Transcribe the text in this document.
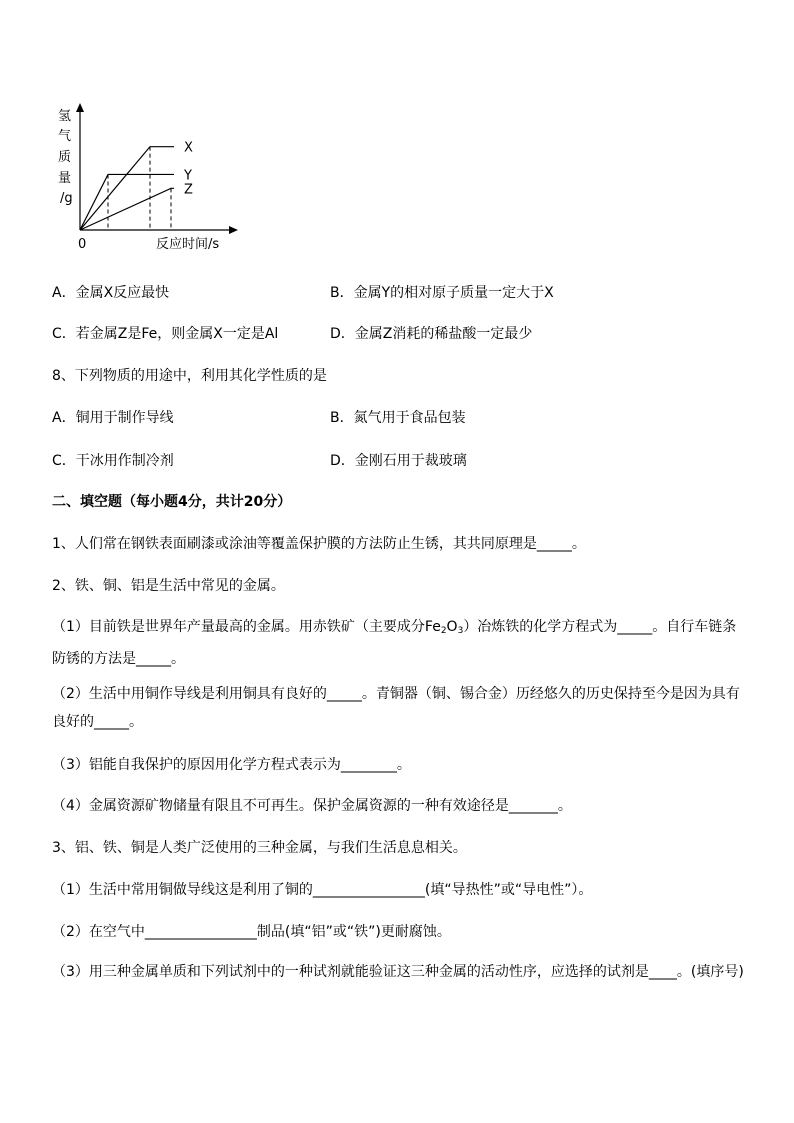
X
Y
Z
氢
气
质
量
/g
0	反应时间/s
A．金属X反应最快	B．金属Y的相对原子质量一定大于X
C．若金属Z是Fe，则金属X一定是Al	D．金属Z消耗的稀盐酸一定最少
8、下列物质的用途中，利用其化学性质的是
A．铜用于制作导线	B．氮气用于食品包装
C．干冰用作制冷剂	D．金刚石用于裁玻璃
二、填空题（每小题4分，共计20分）
1、人们常在钢铁表面刷漆或涂油等覆盖保护膜的方法防止生锈，其共同原理是_____。
2、铁、铜、铝是生活中常见的金属。
（1）目前铁是世界年产量最高的金属。用赤铁矿（主要成分$Fe_2O_3$）冶炼铁的化学方程式为_____。自行车链条防锈的方法是_____。
（2）生活中用铜作导线是利用铜具有良好的_____。青铜器（铜、锡合金）历经悠久的历史保持至今是因为具有良好的_____。
（3）铝能自我保护的原因用化学方程式表示为________。
（4）金属资源矿物储量有限且不可再生。保护金属资源的一种有效途径是_______。
3、铝、铁、铜是人类广泛使用的三种金属，与我们生活息息相关。
（1）生活中常用铜做导线这是利用了铜的________________(填“导热性”或“导电性”）。
（2）在空气中________________制品(填“铝”或“铁”)更耐腐蚀。
（3）用三种金属单质和下列试剂中的一种试剂就能验证这三种金属的活动性序，应选择的试剂是____。(填序号)
